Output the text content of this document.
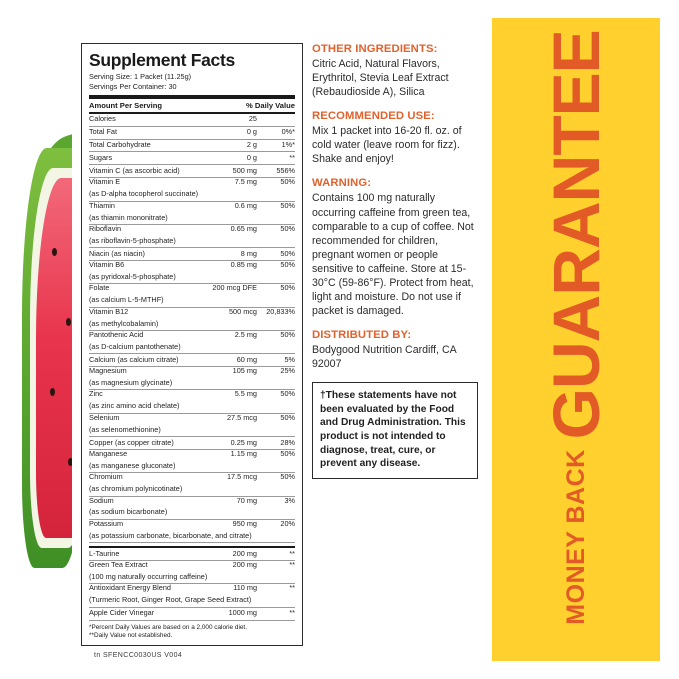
Supplement Facts
Serving Size: 1 Packet (11.25g)
Servings Per Container: 30
Amount Per Serving	% Daily Value
Calories	25	
Total Fat	0 g	0%*
Total Carbohydrate	2 g	1%*
Sugars	0 g	**
Vitamin C (as ascorbic acid)	500 mg	556%
Vitamin E	7.5 mg	50%
(as D-alpha tocopherol succinate)		
Thiamin	0.6 mg	50%
(as thiamin mononitrate)		
Riboflavin	0.65 mg	50%
(as riboflavin-5-phosphate)		
Niacin (as niacin)	8 mg	50%
Vitamin B6	0.85 mg	50%
(as pyridoxal-5-phosphate)		
Folate	200 mcg DFE	50%
(as calcium L-5-MTHF)		
Vitamin B12	500 mcg	20,833%
(as methylcobalamin)		
Pantothenic Acid	2.5 mg	50%
(as D-calcium pantothenate)		
Calcium (as calcium citrate)	60 mg	5%
Magnesium	105 mg	25%
(as magnesium glycinate)		
Zinc	5.5 mg	50%
(as zinc amino acid chelate)		
Selenium	27.5 mcg	50%
(as selenomethionine)		
Copper (as copper citrate)	0.25 mg	28%
Manganese	1.15 mg	50%
(as manganese gluconate)		
Chromium	17.5 mcg	50%
(as chromium polynicotinate)		
Sodium	70 mg	3%
(as sodium bicarbonate)		
Potassium	950 mg	20%
(as potassium carbonate, bicarbonate, and citrate)		
L-Taurine	200 mg	**
Green Tea Extract	200 mg	**
(100 mg naturally occurring caffeine)		
Antioxidant Energy Blend	110 mg	**
(Turmeric Root, Ginger Root, Grape Seed Extract)		
Apple Cider Vinegar	1000 mg	**
*Percent Daily Values are based on a 2,000 calorie diet.
**Daily Value not established.
tn SFENCC0030US V004
OTHER INGREDIENTS:
Citric Acid, Natural Flavors, Erythritol, Stevia Leaf Extract (Rebaudioside A), Silica
RECOMMENDED USE:
Mix 1 packet into 16-20 fl. oz. of cold water (leave room for fizz). Shake and enjoy!
WARNING:
Contains 100 mg naturally occurring caffeine from green tea, comparable to a cup of coffee. Not recommended for children, pregnant women or people sensitive to caffeine. Store at 15-30°C (59-86°F). Protect from heat, light and moisture. Do not use if packet is damaged.
DISTRIBUTED BY:
Bodygood Nutrition Cardiff, CA 92007
†These statements have not been evaluated by the Food and Drug Administration. This product is not intended to diagnose, treat, cure, or prevent any disease.	MONEY BACK
GUARANTEE
